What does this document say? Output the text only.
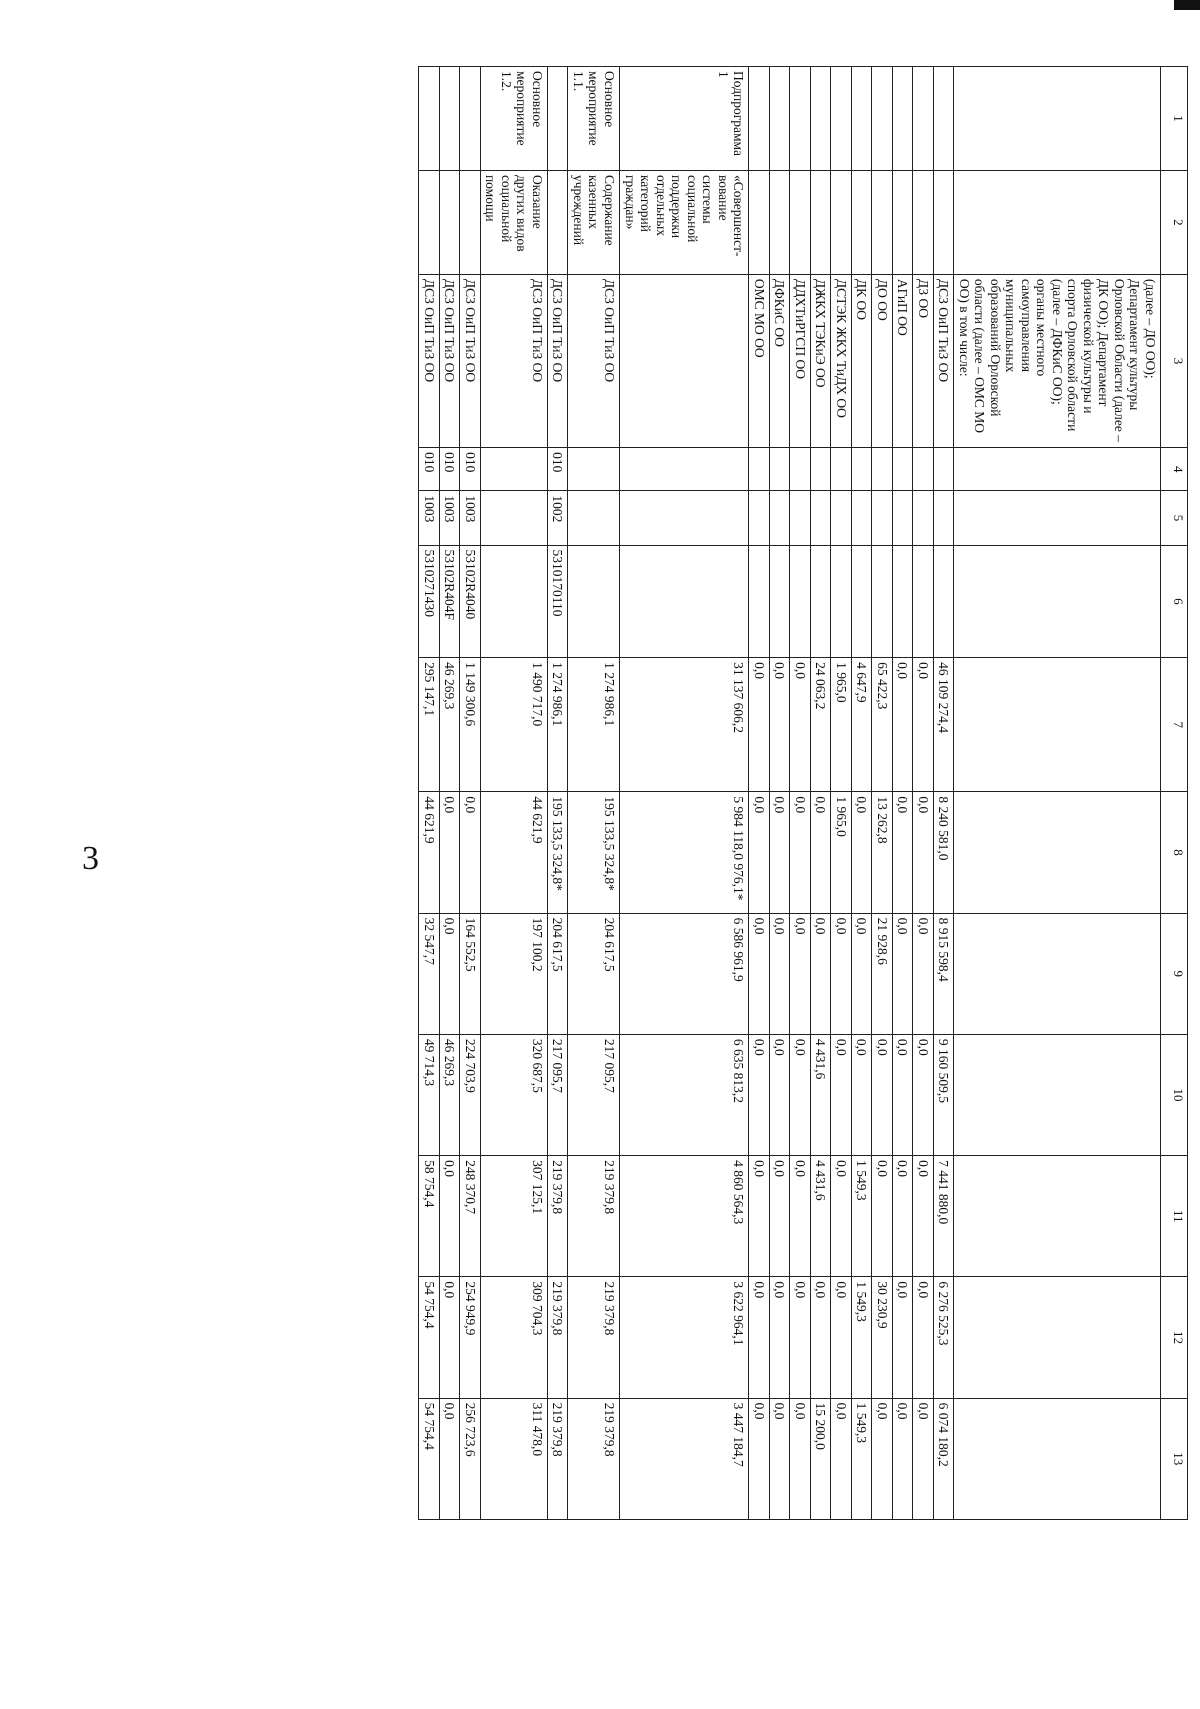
3
1	2	3	4	5	6	7	8	9	10	11	12	13
		(далее – ДО ОО); Департамент культуры Орловской Области (далее – ДК ОО); Департамент физической культуры и спорта Орловской области (далее – ДФКиС ОО); органы местного самоуправления муниципальных образований Орловской области (далее – ОМС МО ОО) в том числе:										
		ДСЗ ОиП ТиЗ ОО				46 109 274,4	8 240 581,0	8 915 598,4	9 160 509,5	7 441 880,0	6 276 525,3	6 074 180,2
		ДЗ ОО				0,0	0,0	0,0	0,0	0,0	0,0	0,0
		АГиП ОО				0,0	0,0	0,0	0,0	0,0	0,0	0,0
		ДО ОО				65 422,3	13 262,8	21 928,6	0,0	0,0	30 230,9	0,0
		ДК ОО				4 647,9	0,0	0,0	0,0	1 549,3	1 549,3	1 549,3
		ДСТЭК ЖКХ ТиДХ ОО				1 965,0	1 965,0	0,0	0,0	0,0	0,0	0,0
		ДЖКХ ТЭКиЭ ОО				24 063,2	0,0	0,0	4 431,6	4 431,6	0,0	15 200,0
		ДДХТиРГСП ОО				0,0	0,0	0,0	0,0	0,0	0,0	0,0
		ДФКиС ОО				0,0	0,0	0,0	0,0	0,0	0,0	0,0
		ОМС МО ОО				0,0	0,0	0,0	0,0	0,0	0,0	0,0
Подпрограмма 1	«Совершенст- вование системы социальной поддержки отдельных категорий граждан»					31 137 606,2	5 984 118,0 976,1*	6 586 961,9	6 635 813,2	4 860 564,3	3 622 964,1	3 447 184,7
Основное мероприятие 1.1.	Содержание казенных учреждений	ДСЗ ОиП ТиЗ ОО				1 274 986,1	195 133,5 324,8*	204 617,5	217 095,7	219 379,8	219 379,8	219 379,8
		ДСЗ ОиП ТиЗ ОО	010	1002	5310170110	1 274 986,1	195 133,5 324,8*	204 617,5	217 095,7	219 379,8	219 379,8	219 379,8
Основное мероприятие 1.2.	Оказание других видов социальной помощи	ДСЗ ОиП ТиЗ ОО				1 490 717,0	44 621,9	197 100,2	320 687,5	307 125,1	309 704,3	311 478,0
		ДСЗ ОиП ТиЗ ОО	010	1003	53102R4040	1 149 300,6	0,0	164 552,5	224 703,9	248 370,7	254 949,9	256 723,6
		ДСЗ ОиП ТиЗ ОО	010	1003	53102R404F	46 269,3	0,0	0,0	46 269,3	0,0	0,0	0,0
		ДСЗ ОиП ТиЗ ОО	010	1003	5310271430	295 147,1	44 621,9	32 547,7	49 714,3	58 754,4	54 754,4	54 754,4
